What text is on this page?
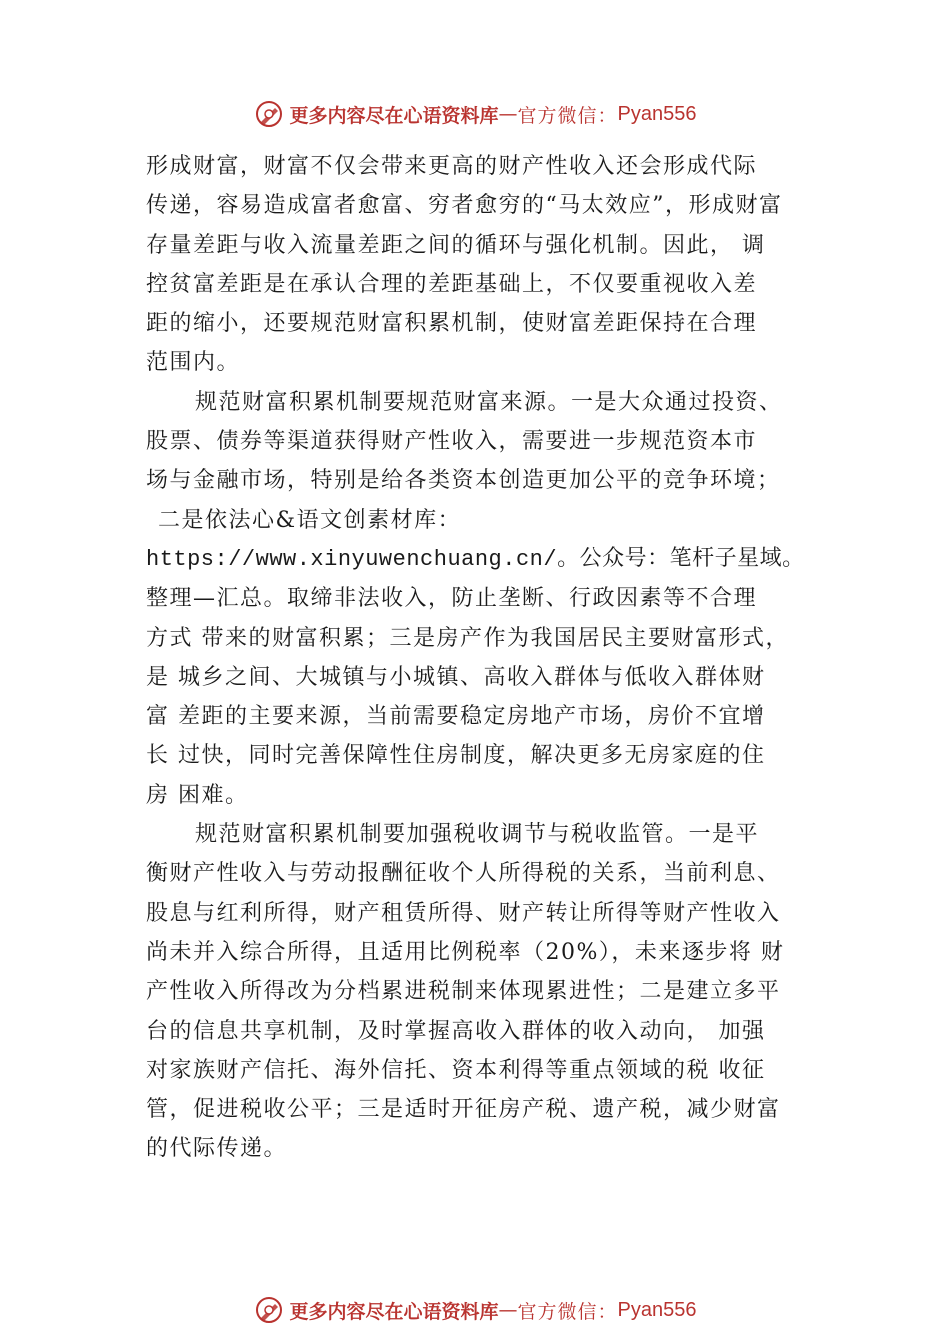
更多内容尽在心语资料库 — 官方微信： Pyan556
形成财富，财富不仅会带来更高的财产性收入还会形成代际
传递，容易造成富者愈富、穷者愈穷的“马太效应”，形成财富
存量差距与收入流量差距之间的循环与强化机制。因此， 调
控贫富差距是在承认合理的差距基础上，不仅要重视收入差
距的缩小，还要规范财富积累机制，使财富差距保持在合理
范围内。
规范财富积累机制要规范财富来源。一是大众通过投资、
股票、债券等渠道获得财产性收入，需要进一步规范资本市
场与金融市场，特别是给各类资本创造更加公平的竞争环境；
二是依法心&语文创素材库：
https://www.xinyuwenchuang.cn/。公众号：笔杆子星域。
整理—汇总。取缔非法收入，防止垄断、行政因素等不合理
方式 带来的财富积累；三是房产作为我国居民主要财富形式，
是 城乡之间、大城镇与小城镇、高收入群体与低收入群体财
富 差距的主要来源，当前需要稳定房地产市场，房价不宜增
长 过快，同时完善保障性住房制度，解决更多无房家庭的住
房 困难。
规范财富积累机制要加强税收调节与税收监管。一是平
衡财产性收入与劳动报酬征收个人所得税的关系，当前利息、
股息与红利所得，财产租赁所得、财产转让所得等财产性收入
尚未并入综合所得，且适用比例税率（20%），未来逐步将 财
产性收入所得改为分档累进税制来体现累进性；二是建立多平
台的信息共享机制，及时掌握高收入群体的收入动向， 加强
对家族财产信托、海外信托、资本利得等重点领域的税 收征
管，促进税收公平；三是适时开征房产税、遗产税，减少财富
的代际传递。
更多内容尽在心语资料库 — 官方微信： Pyan556
